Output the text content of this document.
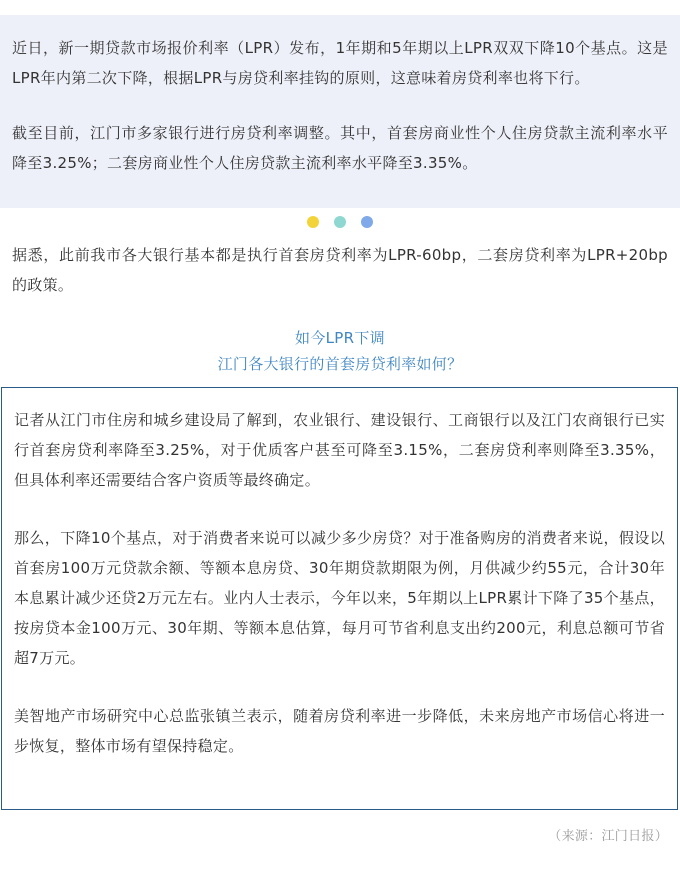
近日，新一期贷款市场报价利率（LPR）发布，1年期和5年期以上LPR双双下降10个基点。这是LPR年内第二次下降，根据LPR与房贷利率挂钩的原则，这意味着房贷利率也将下行。

截至目前，江门市多家银行进行房贷利率调整。其中，首套房商业性个人住房贷款主流利率水平降至3.25%；二套房商业性个人住房贷款主流利率水平降至3.35%。

据悉，此前我市各大银行基本都是执行首套房贷利率为LPR-60bp，二套房贷利率为LPR+20bp的政策。

如今LPR下调
江门各大银行的首套房贷利率如何？

记者从江门市住房和城乡建设局了解到，农业银行、建设银行、工商银行以及江门农商银行已实行首套房贷利率降至3.25%，对于优质客户甚至可降至3.15%，二套房贷利率则降至3.35%，但具体利率还需要结合客户资质等最终确定。

那么，下降10个基点，对于消费者来说可以减少多少房贷？对于准备购房的消费者来说，假设以首套房100万元贷款余额、等额本息房贷、30年期贷款期限为例，月供减少约55元，合计30年本息累计减少还贷2万元左右。业内人士表示，今年以来，5年期以上LPR累计下降了35个基点，按房贷本金100万元、30年期、等额本息估算，每月可节省利息支出约200元，利息总额可节省超7万元。

美智地产市场研究中心总监张镇兰表示，随着房贷利率进一步降低，未来房地产市场信心将进一步恢复，整体市场有望保持稳定。

（来源：江门日报）
